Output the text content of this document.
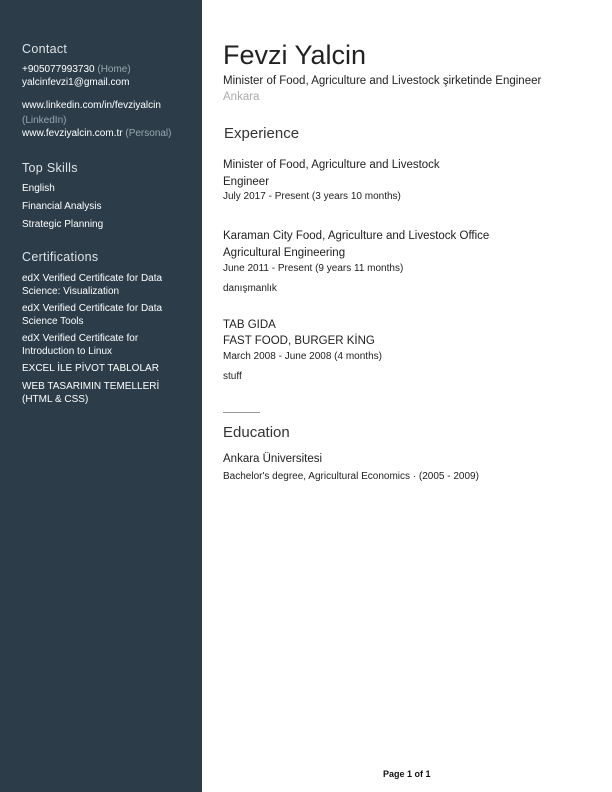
Contact
+905077993730 (Home)
yalcinfevzi1@gmail.com
www.linkedin.com/in/fevziyalcin
(LinkedIn)
www.fevziyalcin.com.tr (Personal)
Top Skills
English
Financial Analysis
Strategic Planning
Certifications
edX Verified Certificate for Data
Science: Visualization
edX Verified Certificate for Data
Science Tools
edX Verified Certificate for
Introduction to Linux
EXCEL İLE PİVOT TABLOLAR
WEB TASARIMIN TEMELLERİ
(HTML & CSS)
Fevzi Yalcin
Minister of Food, Agriculture and Livestock şirketinde Engineer
Ankara
Experience
Minister of Food, Agriculture and Livestock
Engineer
July 2017 - Present (3 years 10 months)
Karaman City Food, Agriculture and Livestock Office
Agricultural Engineering
June 2011 - Present (9 years 11 months)
danışmanlık
TAB GIDA
FAST FOOD, BURGER KİNG
March 2008 - June 2008 (4 months)
stuff
Education
Ankara Üniversitesi
Bachelor's degree, Agricultural Economics · (2005 - 2009)
Page 1 of 1
